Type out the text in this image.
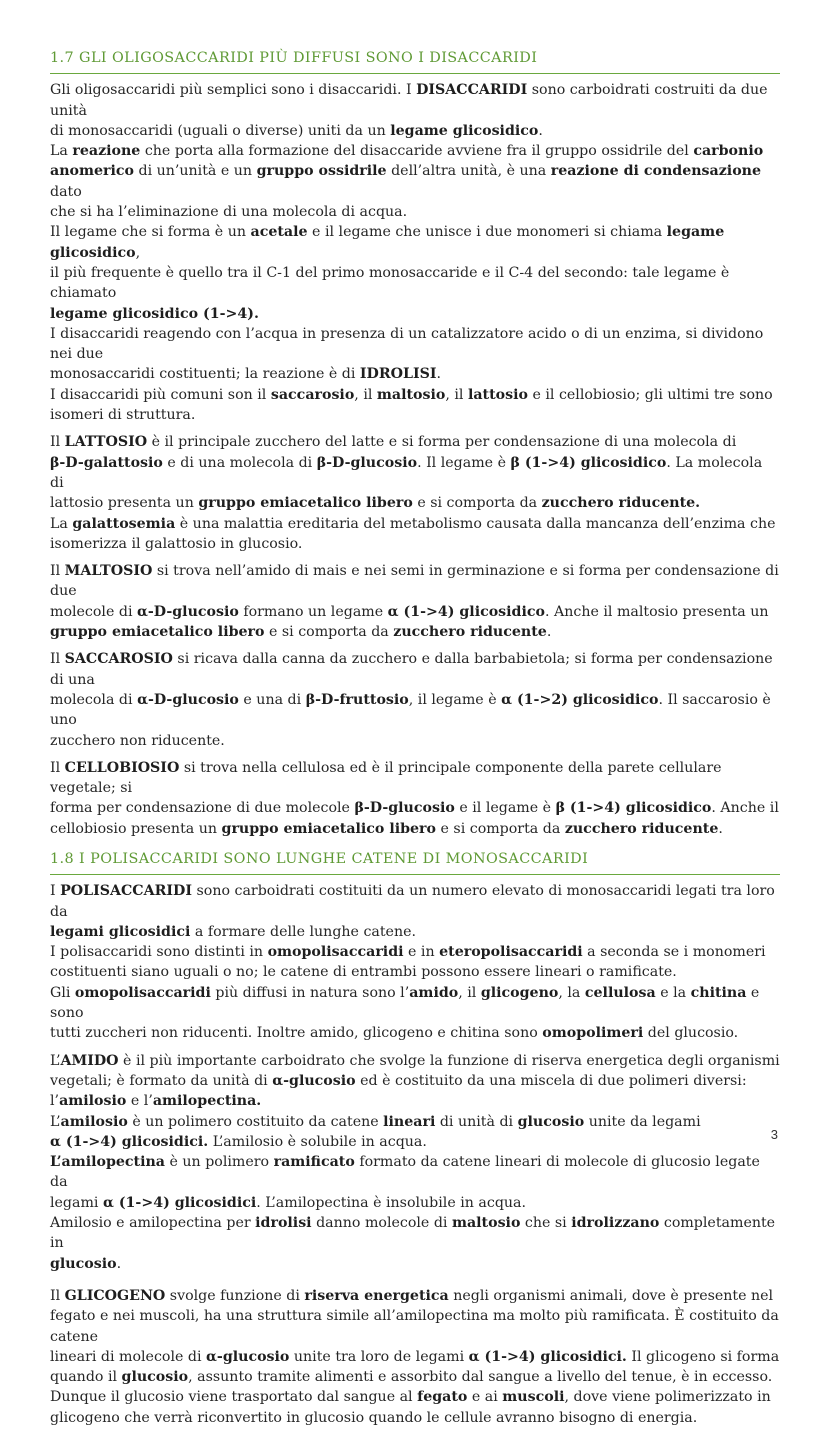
1.7 GLI OLIGOSACCARIDI PIÙ DIFFUSI SONO I DISACCARIDI
Gli oligosaccaridi più semplici sono i disaccaridi. I DISACCARIDI sono carboidrati costruiti da due unità
di monosaccaridi (uguali o diverse) uniti da un legame glicosidico.
La reazione che porta alla formazione del disaccaride avviene fra il gruppo ossidrile del carbonio
anomerico di un’unità e un gruppo ossidrile dell’altra unità, è una reazione di condensazione dato
che si ha l’eliminazione di una molecola di acqua.
Il legame che si forma è un acetale e il legame che unisce i due monomeri si chiama legame glicosidico,
il più frequente è quello tra il C-1 del primo monosaccaride e il C-4 del secondo: tale legame è chiamato
legame glicosidico (1->4).
I disaccaridi reagendo con l’acqua in presenza di un catalizzatore acido o di un enzima, si dividono nei due
monosaccaridi costituenti; la reazione è di IDROLISI.
I disaccaridi più comuni son il saccarosio, il maltosio, il lattosio e il cellobiosio; gli ultimi tre sono
isomeri di struttura.
Il LATTOSIO è il principale zucchero del latte e si forma per condensazione di una molecola di
β-D-galattosio e di una molecola di β-D-glucosio. Il legame è β (1->4) glicosidico. La molecola di
lattosio presenta un gruppo emiacetalico libero e si comporta da zucchero riducente.
La galattosemia è una malattia ereditaria del metabolismo causata dalla mancanza dell’enzima che
isomerizza il galattosio in glucosio.
Il MALTOSIO si trova nell’amido di mais e nei semi in germinazione e si forma per condensazione di due
molecole di α-D-glucosio formano un legame α (1->4) glicosidico. Anche il maltosio presenta un
gruppo emiacetalico libero e si comporta da zucchero riducente.
Il SACCAROSIO si ricava dalla canna da zucchero e dalla barbabietola; si forma per condensazione di una
molecola di α-D-glucosio e una di β-D-fruttosio, il legame è α (1->2) glicosidico. Il saccarosio è uno
zucchero non riducente.
Il CELLOBIOSIO si trova nella cellulosa ed è il principale componente della parete cellulare vegetale; si
forma per condensazione di due molecole β-D-glucosio e il legame è β (1->4) glicosidico. Anche il
cellobiosio presenta un gruppo emiacetalico libero e si comporta da zucchero riducente.
1.8 I POLISACCARIDI SONO LUNGHE CATENE DI MONOSACCARIDI
I POLISACCARIDI sono carboidrati costituiti da un numero elevato di monosaccaridi legati tra loro da
legami glicosidici a formare delle lunghe catene.
I polisaccaridi sono distinti in omopolisaccaridi e in eteropolisaccaridi a seconda se i monomeri
costituenti siano uguali o no; le catene di entrambi possono essere lineari o ramificate.
Gli omopolisaccaridi più diffusi in natura sono l’amido, il glicogeno, la cellulosa e la chitina e sono
tutti zuccheri non riducenti. Inoltre amido, glicogeno e chitina sono omopolimeri del glucosio.
L’AMIDO è il più importante carboidrato che svolge la funzione di riserva energetica degli organismi
vegetali; è formato da unità di α-glucosio ed è costituito da una miscela di due polimeri diversi:
l’amilosio e l’amilopectina.
L’amilosio è un polimero costituito da catene lineari di unità di glucosio unite da legami
α (1->4) glicosidici. L’amilosio è solubile in acqua.
L’amilopectina è un polimero ramificato formato da catene lineari di molecole di glucosio legate da
legami α (1->4) glicosidici. L’amilopectina è insolubile in acqua.
Amilosio e amilopectina per idrolisi danno molecole di maltosio che si idrolizzano completamente in
glucosio.
Il GLICOGENO svolge funzione di riserva energetica negli organismi animali, dove è presente nel
fegato e nei muscoli, ha una struttura simile all’amilopectina ma molto più ramificata. È costituito da catene
lineari di molecole di α-glucosio unite tra loro de legami α (1->4) glicosidici. Il glicogeno si forma
quando il glucosio, assunto tramite alimenti e assorbito dal sangue a livello del tenue, è in eccesso.
Dunque il glucosio viene trasportato dal sangue al fegato e ai muscoli, dove viene polimerizzato in
glicogeno che verrà riconvertito in glucosio quando le cellule avranno bisogno di energia.
3
